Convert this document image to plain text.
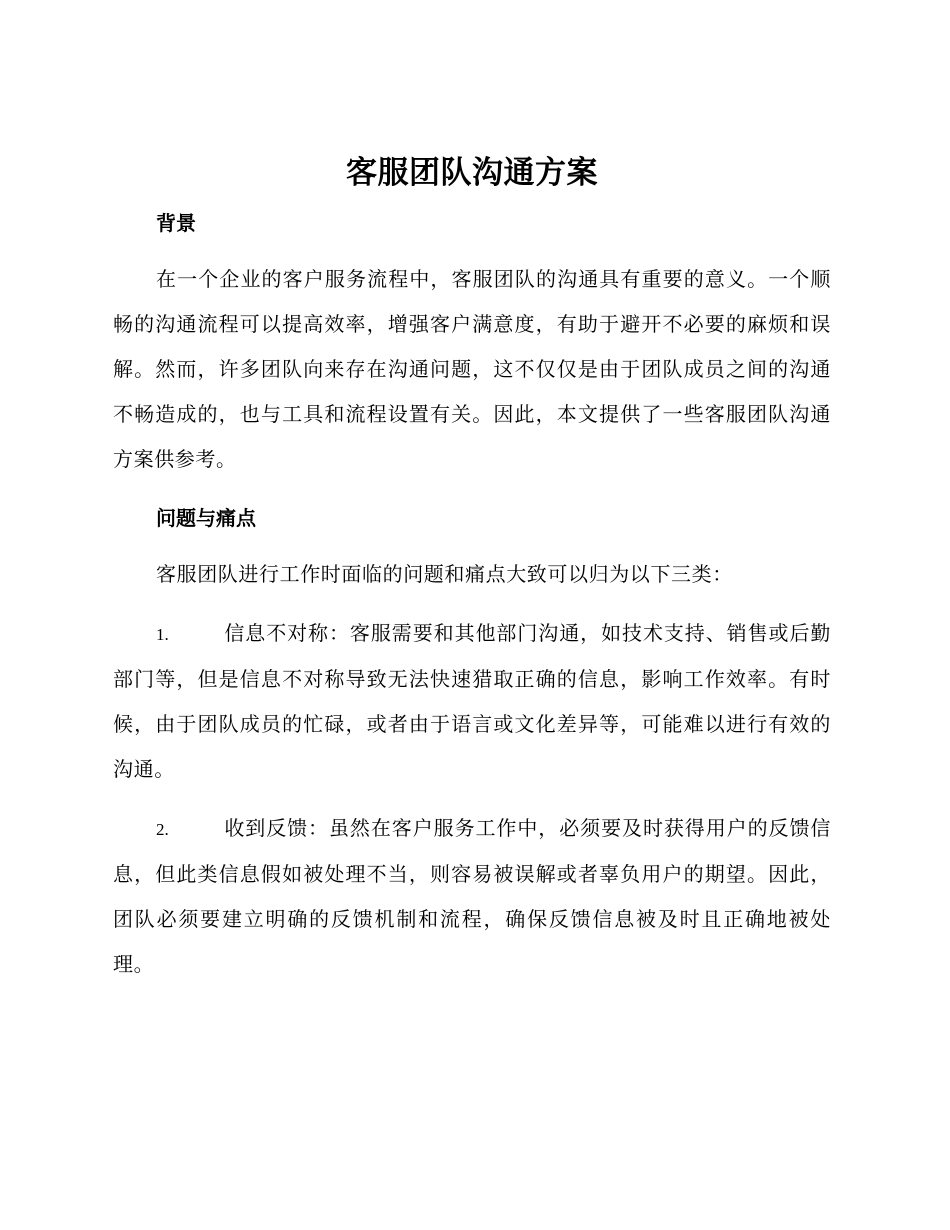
客服团队沟通方案
背景

在一个企业的客户服务流程中，客服团队的沟通具有重要的意义。一个顺畅的沟通流程可以提高效率，增强客户满意度，有助于避开不必要的麻烦和误解。然而，许多团队向来存在沟通问题，这不仅仅是由于团队成员之间的沟通不畅造成的，也与工具和流程设置有关。因此，本文提供了一些客服团队沟通方案供参考。

问题与痛点

客服团队进行工作时面临的问题和痛点大致可以归为以下三类：

1.	信息不对称：客服需要和其他部门沟通，如技术支持、销售或后勤部门等，但是信息不对称导致无法快速猎取正确的信息，影响工作效率。有时候，由于团队成员的忙碌，或者由于语言或文化差异等，可能难以进行有效的沟通。

2.	收到反馈：虽然在客户服务工作中，必须要及时获得用户的反馈信息，但此类信息假如被处理不当，则容易被误解或者辜负用户的期望。因此，团队必须要建立明确的反馈机制和流程，确保反馈信息被及时且正确地被处理。
